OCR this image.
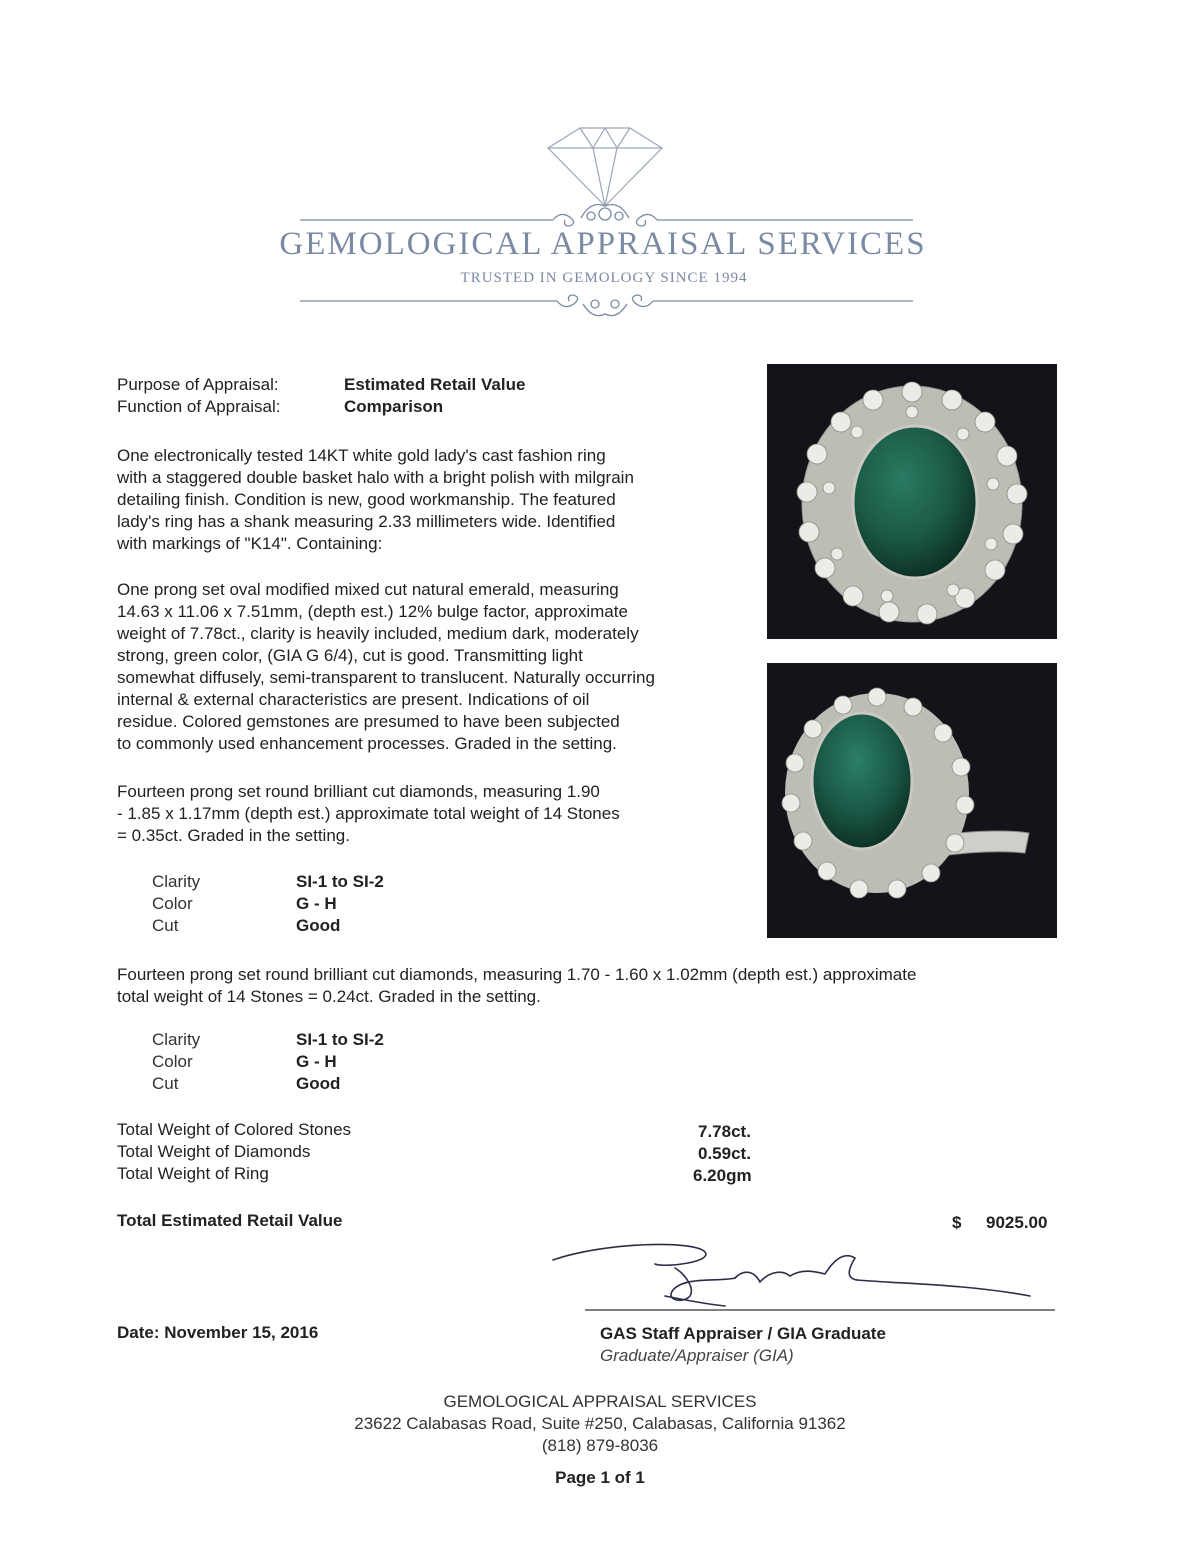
GEMOLOGICAL APPRAISAL SERVICES
TRUSTED IN GEMOLOGY SINCE 1994
Purpose of Appraisal:	Estimated Retail Value
Function of Appraisal:	Comparison
One electronically tested 14KT white gold lady's cast fashion ring
with a staggered double basket halo with a bright polish with milgrain
detailing finish. Condition is new, good workmanship. The featured
lady's ring has a shank measuring 2.33 millimeters wide. Identified
with markings of "K14". Containing:
One prong set oval modified mixed cut natural emerald, measuring
14.63 x 11.06 x 7.51mm, (depth est.) 12% bulge factor, approximate
weight of 7.78ct., clarity is heavily included, medium dark, moderately
strong, green color, (GIA G 6/4), cut is good. Transmitting light
somewhat diffusely, semi-transparent to translucent. Naturally occurring
internal & external characteristics are present. Indications of oil
residue. Colored gemstones are presumed to have been subjected
to commonly used enhancement processes. Graded in the setting.
Fourteen prong set round brilliant cut diamonds, measuring 1.90
- 1.85 x 1.17mm (depth est.) approximate total weight of 14 Stones
= 0.35ct. Graded in the setting.
Clarity	SI-1 to SI-2
Color	G - H
Cut	Good
Fourteen prong set round brilliant cut diamonds, measuring 1.70 - 1.60 x 1.02mm (depth est.) approximate
total weight of 14 Stones = 0.24ct. Graded in the setting.
Clarity	SI-1 to SI-2
Color	G - H
Cut	Good
Total Weight of Colored Stones	7.78ct.
Total Weight of Diamonds	0.59ct.
Total Weight of Ring	6.20gm
Total Estimated Retail Value	$ 9025.00
Date: November 15, 2016	GAS Staff Appraiser / GIA Graduate
Graduate/Appraiser (GIA)
GEMOLOGICAL APPRAISAL SERVICES
23622 Calabasas Road, Suite #250, Calabasas, California 91362
(818) 879-8036
Page 1 of 1
